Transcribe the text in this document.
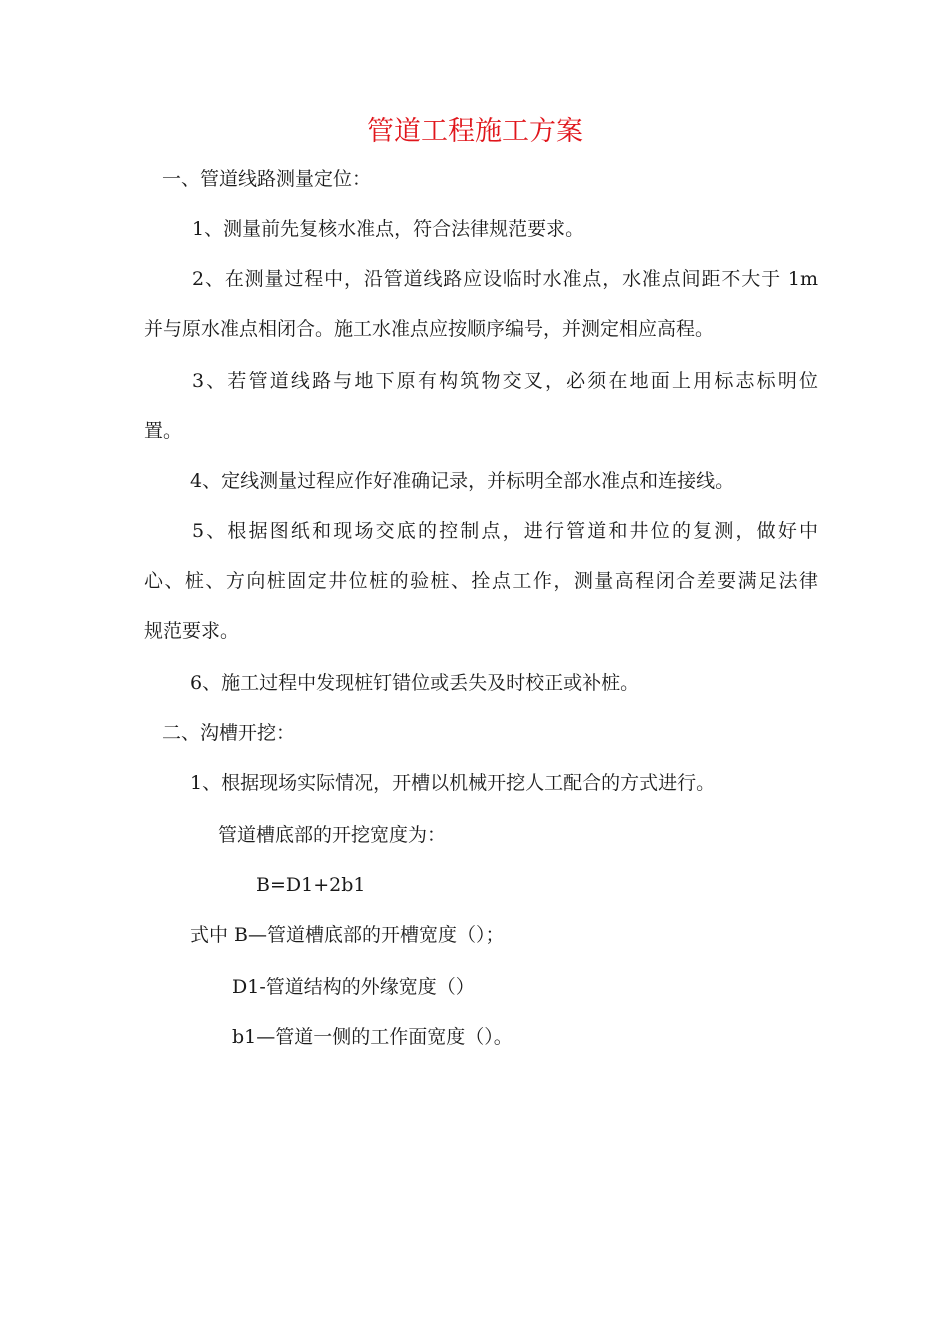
管道工程施工方案

一、管道线路测量定位：

1、测量前先复核水准点，符合法律规范要求。

2、在测量过程中，沿管道线路应设临时水准点，水准点间距不大于 1m

并与原水准点相闭合。施工水准点应按顺序编号，并测定相应高程。

3、若管道线路与地下原有构筑物交叉，必须在地面上用标志标明位

置。

4、定线测量过程应作好准确记录，并标明全部水准点和连接线。

5、根据图纸和现场交底的控制点，进行管道和井位的复测，做好中

心、桩、方向桩固定井位桩的验桩、拴点工作，测量高程闭合差要满足法律

规范要求。

6、施工过程中发现桩钉错位或丢失及时校正或补桩。

二、沟槽开挖：

1、根据现场实际情况，开槽以机械开挖人工配合的方式进行。

管道槽底部的开挖宽度为：

B=D1+2b1

式中 B—管道槽底部的开槽宽度（）；

D1-管道结构的外缘宽度（）

b1—管道一侧的工作面宽度（）。
